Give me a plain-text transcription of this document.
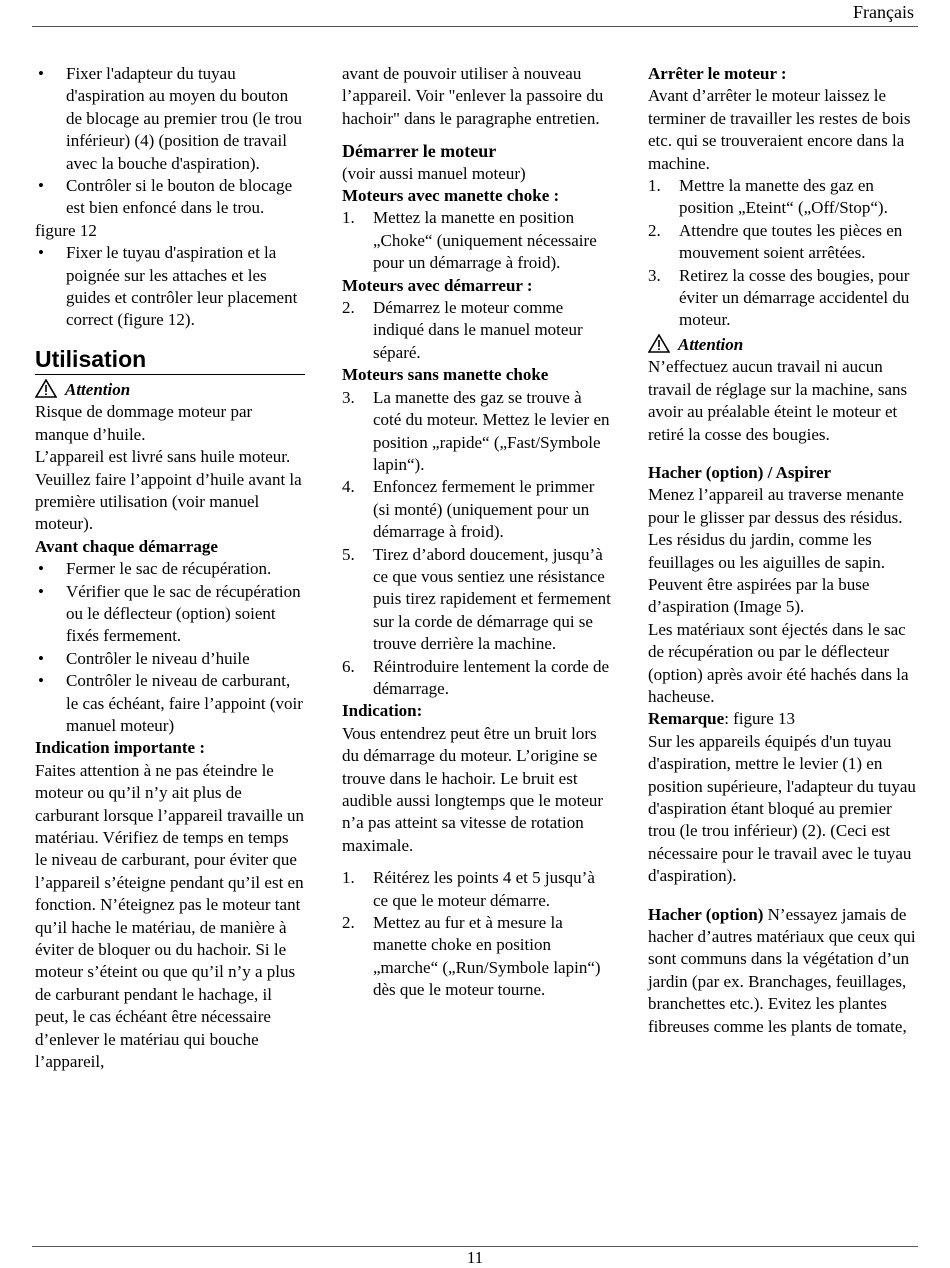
Français
• Fixer l'adapteur du tuyau d'aspiration au moyen du bouton de blocage au premier trou (le trou inférieur) (4) (position de travail avec la bouche d'aspiration).
• Contrôler si le bouton de blocage est bien enfoncé dans le trou.

figure 12

• Fixer le tuyau d'aspiration et la poignée sur les attaches et les guides et contrôler leur placement correct (figure 12).
Utilisation
Attention

Risque de dommage moteur par manque d’huile.

L’appareil est livré sans huile moteur. Veuillez faire l’appoint d’huile avant la première utilisation (voir manuel moteur).

Avant chaque démarrage

• Fermer le sac de récupération.
• Vérifier que le sac de récupération ou le déflecteur (option) soient fixés fermement.
• Contrôler le niveau d’huile
• Contrôler le niveau de carburant, le cas échéant, faire l’appoint (voir manuel moteur)

Indication importante :

Faites attention à ne pas éteindre le moteur ou qu’il n’y ait plus de carburant lorsque l’appareil travaille un matériau. Vérifiez de temps en temps le niveau de carburant, pour éviter que l’appareil s’éteigne pendant qu’il est en fonction. N’éteignez pas le moteur tant qu’il hache le matériau, de manière à éviter de bloquer ou du hachoir. Si le moteur s’éteint ou que qu’il n’y a plus de carburant pendant le hachage, il peut, le cas échéant être nécessaire d’enlever le matériau qui bouche l’appareil,

avant de pouvoir utiliser à nouveau l’appareil. Voir "enlever la passoire du hachoir" dans le paragraphe entretien.

Démarrer le moteur

(voir aussi manuel moteur)

Moteurs avec manette choke :

1. Mettez la manette en position „Choke“ (uniquement nécessaire pour un démarrage à froid).

Moteurs avec démarreur :

2. Démarrez le moteur comme indiqué dans le manuel moteur séparé.

Moteurs sans manette choke

3. La manette des gaz se trouve à coté du moteur. Mettez le levier en position „rapide“ („Fast/Symbole lapin“).
4. Enfoncez fermement le primmer (si monté) (uniquement pour un démarrage à froid).
5. Tirez d’abord doucement, jusqu’à ce que vous sentiez une résistance puis tirez rapidement et fermement sur la corde de démarrage qui se trouve derrière la machine.
6. Réintroduire lentement la corde de démarrage.

Indication:

Vous entendrez peut être un bruit lors du démarrage du moteur. L’origine se trouve dans le hachoir. Le bruit est audible aussi longtemps que le moteur n’a pas atteint sa vitesse de rotation maximale.

1. Réitérez les points 4 et 5 jusqu’à ce que le moteur démarre.
2. Mettez au fur et à mesure la manette choke en position „marche“ („Run/Symbole lapin“) dès que le moteur tourne.

Arrêter le moteur :

Avant d’arrêter le moteur laissez le terminer de travailler les restes de bois etc. qui se trouveraient encore dans la machine.

1. Mettre la manette des gaz en position „Eteint“ („Off/Stop“).
2. Attendre que toutes les pièces en mouvement soient arrêtées.
3. Retirez la cosse des bougies, pour éviter un démarrage accidentel du moteur.
Attention

N’effectuez aucun travail ni aucun travail de réglage sur la machine, sans avoir au préalable éteint le moteur et retiré la cosse des bougies.

Hacher (option) / Aspirer

Menez l’appareil au traverse menante pour le glisser par dessus des résidus. Les résidus du jardin, comme les feuillages ou les aiguilles de sapin. Peuvent être aspirées par la buse d’aspiration (Image 5).

Les matériaux sont éjectés dans le sac de récupération ou par le déflecteur (option) après avoir été hachés dans la hacheuse.

Remarque: figure 13

Sur les appareils équipés d'un tuyau d'aspiration, mettre le levier (1) en position supérieure, l'adapteur du tuyau d'aspiration étant bloqué au premier trou (le trou inférieur) (2). (Ceci est nécessaire pour le travail avec le tuyau d'aspiration).

Hacher (option) N’essayez jamais de hacher d’autres matériaux que ceux qui sont communs dans la végétation d’un jardin (par ex. Branchages, feuillages, branchettes etc.). Evitez les plantes fibreuses comme les plants de tomate,

11
